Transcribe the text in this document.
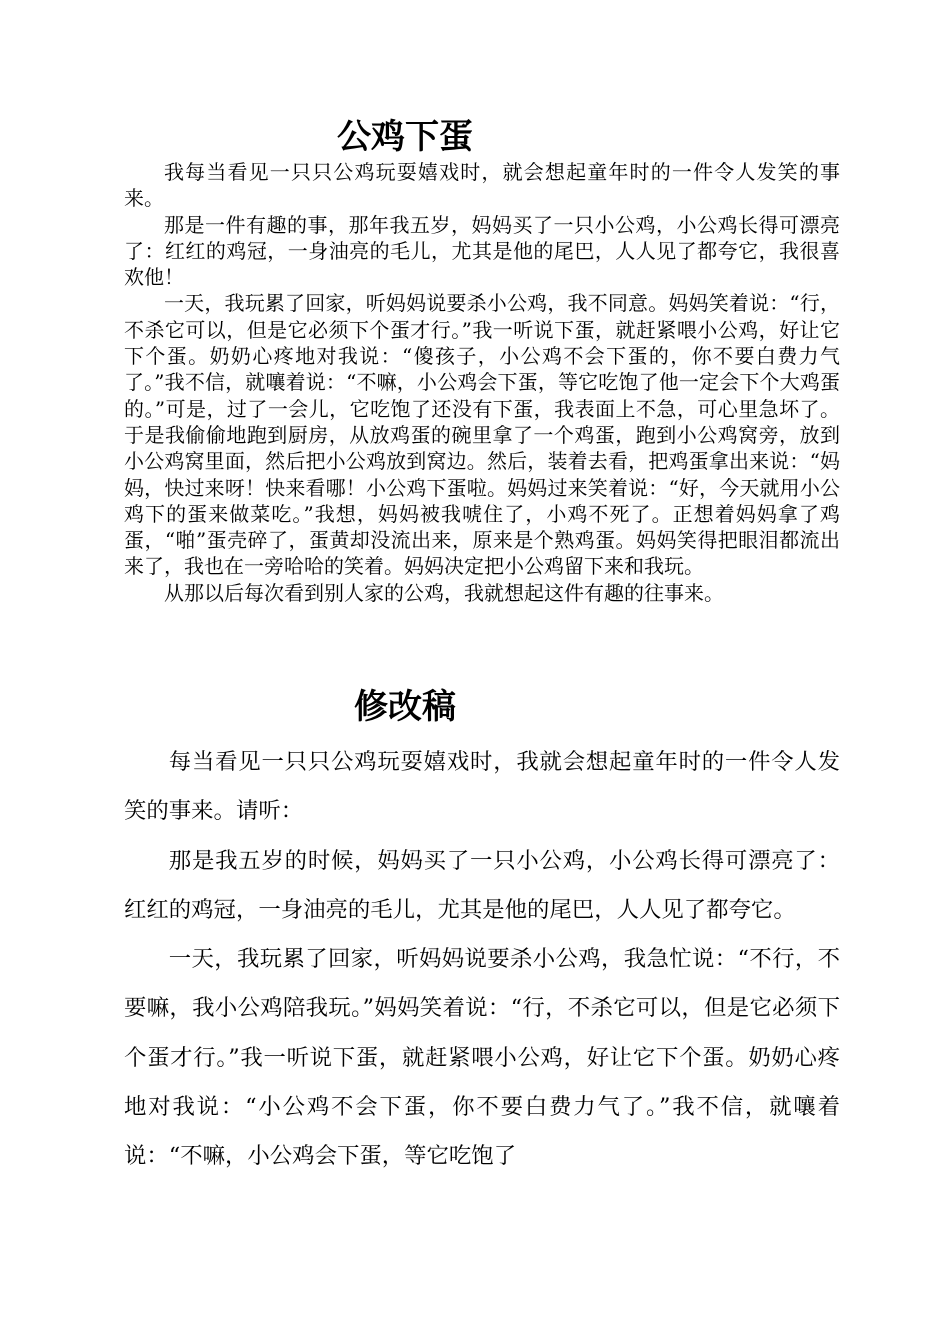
公鸡下蛋

我每当看见一只只公鸡玩耍嬉戏时，就会想起童年时的一件令人发笑的事来。

那是一件有趣的事，那年我五岁，妈妈买了一只小公鸡，小公鸡长得可漂亮了：红红的鸡冠，一身油亮的毛儿，尤其是他的尾巴，人人见了都夸它，我很喜欢他！

一天，我玩累了回家，听妈妈说要杀小公鸡，我不同意。妈妈笑着说：“行，不杀它可以，但是它必须下个蛋才行。”我一听说下蛋，就赶紧喂小公鸡，好让它下个蛋。奶奶心疼地对我说：“傻孩子，小公鸡不会下蛋的，你不要白费力气了。”我不信，就嚷着说：“不嘛，小公鸡会下蛋，等它吃饱了他一定会下个大鸡蛋的。”可是，过了一会儿，它吃饱了还没有下蛋，我表面上不急，可心里急坏了。于是我偷偷地跑到厨房，从放鸡蛋的碗里拿了一个鸡蛋，跑到小公鸡窝旁，放到小公鸡窝里面，然后把小公鸡放到窝边。然后，装着去看，把鸡蛋拿出来说：“妈妈，快过来呀！快来看哪！小公鸡下蛋啦。妈妈过来笑着说：“好，今天就用小公鸡下的蛋来做菜吃。”我想，妈妈被我唬住了，小鸡不死了。正想着妈妈拿了鸡蛋，“啪”蛋壳碎了，蛋黄却没流出来，原来是个熟鸡蛋。妈妈笑得把眼泪都流出来了，我也在一旁哈哈的笑着。妈妈决定把小公鸡留下来和我玩。

从那以后每次看到别人家的公鸡，我就想起这件有趣的往事来。

修改稿

每当看见一只只公鸡玩耍嬉戏时，我就会想起童年时的一件令人发笑的事来。请听：

那是我五岁的时候，妈妈买了一只小公鸡，小公鸡长得可漂亮了：红红的鸡冠，一身油亮的毛儿，尤其是他的尾巴，人人见了都夸它。

一天，我玩累了回家，听妈妈说要杀小公鸡，我急忙说：“不行，不要嘛，我小公鸡陪我玩。”妈妈笑着说：“行，不杀它可以，但是它必须下个蛋才行。”我一听说下蛋，就赶紧喂小公鸡，好让它下个蛋。奶奶心疼地对我说：“小公鸡不会下蛋，你不要白费力气了。”我不信，就嚷着说：“不嘛，小公鸡会下蛋，等它吃饱了
